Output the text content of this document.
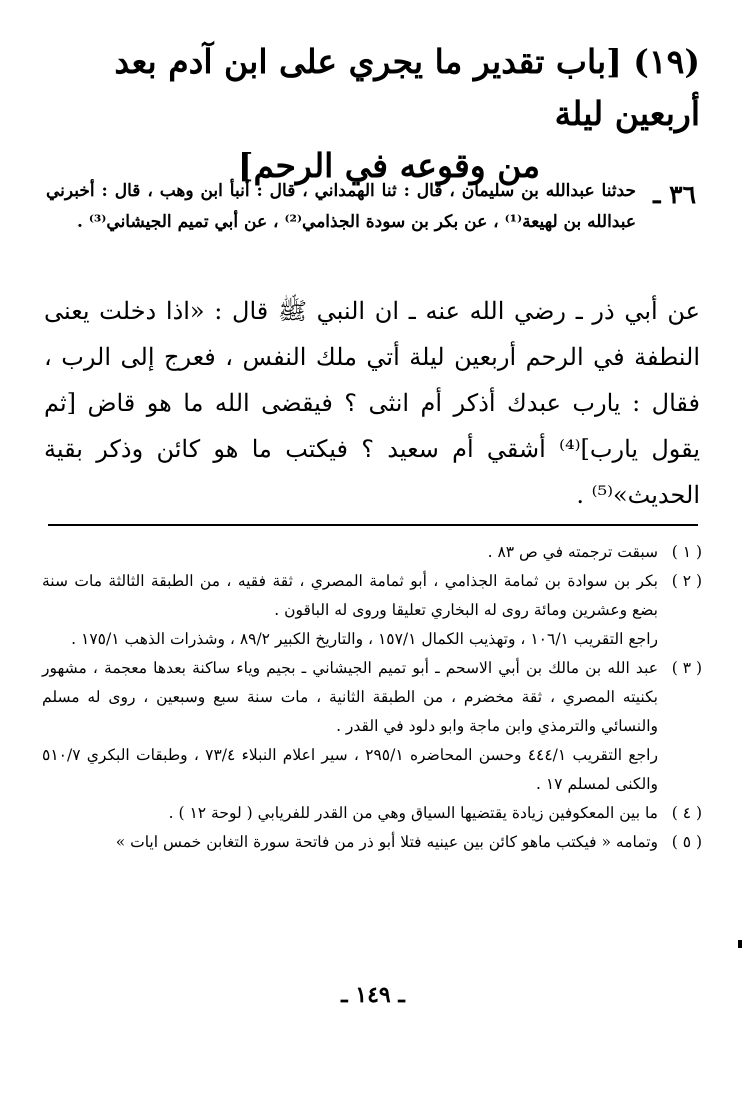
(١٩) [باب تقدير ما يجري على ابن آدم بعد أربعين ليلة
من وقوعه في الرحم]
٣٦ ـ
حدثنا عبدالله بن سليمان ، قال : ثنا الهمداني ، قال : أنبأ ابن وهب ، قال : أخبرني عبدالله بن لهيعة⁽¹⁾ ، عن بكر بن سودة الجذامي⁽²⁾ ، عن أبي تميم الجيشاني⁽³⁾ .
عن أبي ذر ـ رضي الله عنه ـ ان النبي ﷺ قال : «اذا دخلت يعنى النطفة في الرحم أربعين ليلة أتي ملك النفس ، فعرج إلى الرب ، فقال : يارب عبدك أذكر أم انثى ؟ فيقضى الله ما هو قاض [ثم يقول يارب]⁽⁴⁾ أشقي أم سعيد ؟ فيكتب ما هو كائن وذكر بقية الحديث»⁽⁵⁾ .
( ١ )
سبقت ترجمته في ص ٨٣ .
( ٢ )
بكر بن سوادة بن ثمامة الجذامي ، أبو ثمامة المصري ، ثقة فقيه ، من الطبقة الثالثة مات سنة بضع وعشرين ومائة روى له البخاري تعليقا وروى له الباقون .
راجع التقريب ١٠٦/١ ، وتهذيب الكمال ١٥٧/١ ، والتاريخ الكبير ٨٩/٢ ، وشذرات الذهب ١٧٥/١ .
( ٣ )
عبد الله بن مالك بن أبي الاسحم ـ أبو تميم الجيشاني ـ بجيم وياء ساكنة بعدها معجمة ، مشهور بكنيته المصري ، ثقة مخضرم ، من الطبقة الثانية ، مات سنة سبع وسبعين ، روى له مسلم والنسائي والترمذي وابن ماجة وابو دلود في القدر .
راجع التقريب ٤٤٤/١ وحسن المحاضره ٢٩٥/١ ، سير اعلام النبلاء ٧٣/٤ ، وطبقات البكري ٥١٠/٧ والكنى لمسلم ١٧ .
( ٤ )
ما بين المعكوفين زيادة يقتضيها السياق وهي من القدر للفريابي ( لوحة ١٢ ) .
( ٥ )
وتمامه « فيكتب ماهو كائن بين عينيه فتلا أبو ذر من فاتحة سورة التغابن خمس ايات »
ـ ١٤٩ ـ
